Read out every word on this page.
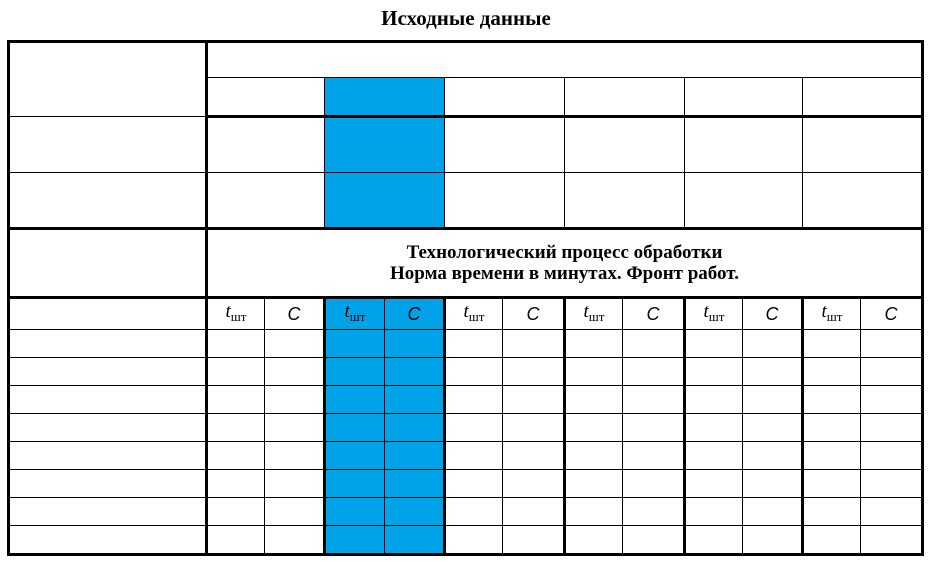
Исходные данные

	Технологический процесс обработки
Норма времени в минутах. Фронт работ.											

	$t_{шт}$	C	$t_{шт}$	C	$t_{шт}$	C	$t_{шт}$	C	$t_{шт}$	C	$t_{шт}$	C
